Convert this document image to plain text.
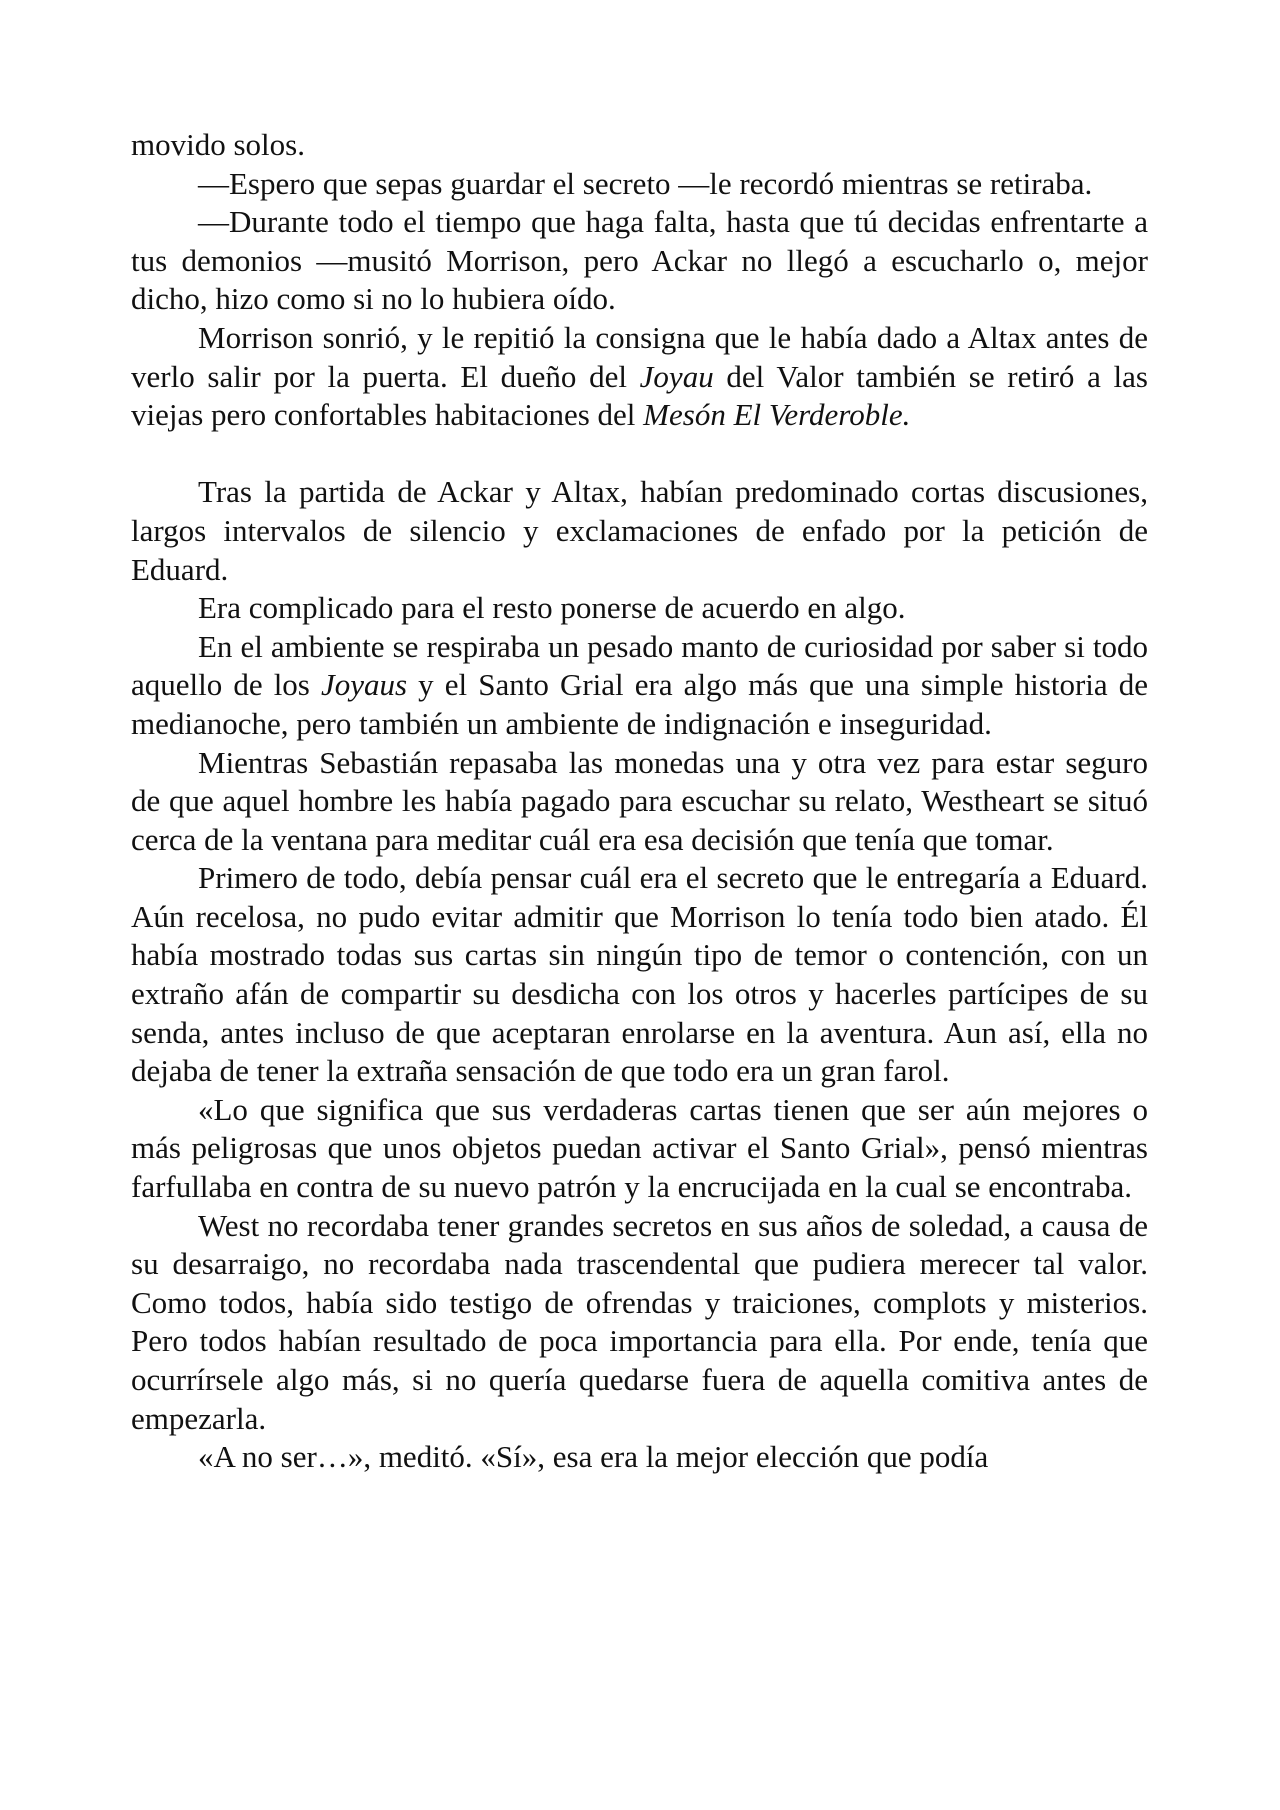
movido solos.

—Espero que sepas guardar el secreto —le recordó mientras se retiraba.

—Durante todo el tiempo que haga falta, hasta que tú decidas enfrentarte a tus demonios —musitó Morrison, pero Ackar no llegó a escucharlo o, mejor dicho, hizo como si no lo hubiera oído.

Morrison sonrió, y le repitió la consigna que le había dado a Altax antes de verlo salir por la puerta. El dueño del Joyau del Valor también se retiró a las viejas pero confortables habitaciones del Mesón El Verderoble.

Tras la partida de Ackar y Altax, habían predominado cortas discusiones, largos intervalos de silencio y exclamaciones de enfado por la petición de Eduard.

Era complicado para el resto ponerse de acuerdo en algo.

En el ambiente se respiraba un pesado manto de curiosidad por saber si todo aquello de los Joyaus y el Santo Grial era algo más que una simple historia de medianoche, pero también un ambiente de indignación e inseguridad.

Mientras Sebastián repasaba las monedas una y otra vez para estar seguro de que aquel hombre les había pagado para escuchar su relato, Westheart se situó cerca de la ventana para meditar cuál era esa decisión que tenía que tomar.

Primero de todo, debía pensar cuál era el secreto que le entregaría a Eduard. Aún recelosa, no pudo evitar admitir que Morrison lo tenía todo bien atado. Él había mostrado todas sus cartas sin ningún tipo de temor o contención, con un extraño afán de compartir su desdicha con los otros y hacerles partícipes de su senda, antes incluso de que aceptaran enrolarse en la aventura. Aun así, ella no dejaba de tener la extraña sensación de que todo era un gran farol.

«Lo que significa que sus verdaderas cartas tienen que ser aún mejores o más peligrosas que unos objetos puedan activar el Santo Grial», pensó mientras farfullaba en contra de su nuevo patrón y la encrucijada en la cual se encontraba.

West no recordaba tener grandes secretos en sus años de soledad, a causa de su desarraigo, no recordaba nada trascendental que pudiera merecer tal valor. Como todos, había sido testigo de ofrendas y traiciones, complots y misterios. Pero todos habían resultado de poca importancia para ella. Por ende, tenía que ocurrírsele algo más, si no quería quedarse fuera de aquella comitiva antes de empezarla.

«A no ser…», meditó. «Sí», esa era la mejor elección que podía
